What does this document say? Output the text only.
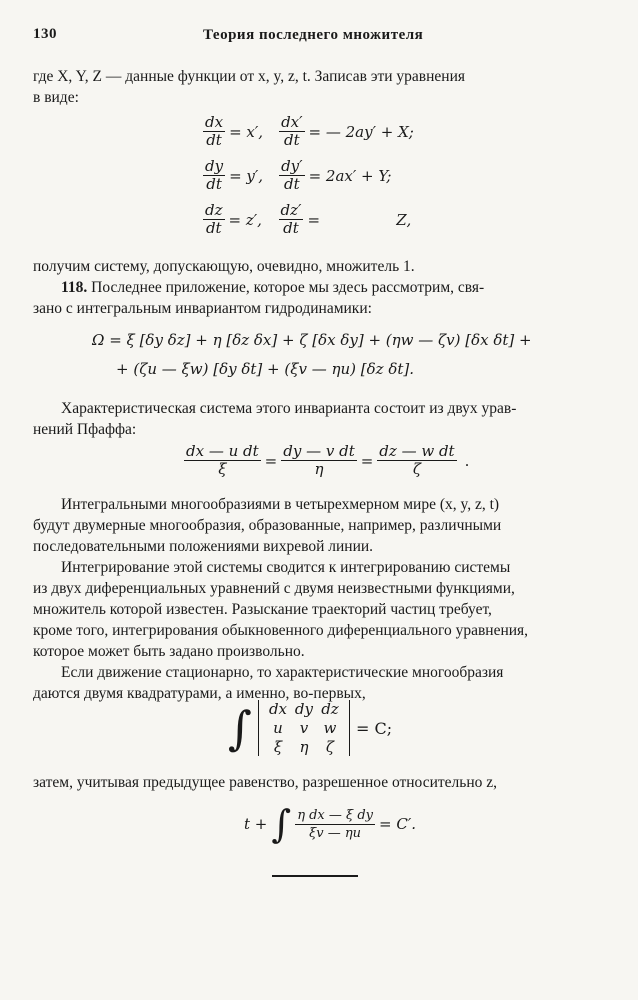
130	Теория последнего множителя
где X, Y, Z — данные функции от x, y, z, t. Записав эти уравнения
в виде:
$\frac{dx}{dt} = x'$,	$\frac{dx'}{dt}$ = — 2ay′ + X;
$\frac{dy}{dt} = y'$,	$\frac{dy'}{dt} = 2ax' + Y$;
$\frac{dz}{dt} = z'$,	$\frac{dz'}{dt}$ =                Z,
получим систему, допускающую, очевидно, множитель 1.
118. Последнее приложение, которое мы здесь рассмотрим, свя-
зано с интегральным инвариантом гидродинамики:
Ω = ξ [δy δz] + η [δz δx] + ζ [δx δy] + (ηw — ζv) [δx δt] +
+ (ζu — ξw) [δy δt] + (ξv — ηu) [δz δt].
Характеристическая система этого инварианта состоит из двух урав-
нений Пфаффа:
$\frac{\text{dx — u dt}}{\xi} = \frac{\text{dy — v dt}}{\eta} = \frac{\text{dz — w dt}}{\zeta}$ .
Интегральными многообразиями в четырехмерном мире (x, y, z, t)
будут двумерные многообразия, образованные, например, различными
последовательными положениями вихревой линии.
Интегрирование этой системы сводится к интегрированию системы
из двух диференциальных уравнений с двумя неизвестными функциями,
множитель которой известен. Разыскание траекторий частиц требует,
кроме того, интегрирования обыкновенного диференциального уравнения,
которое может быть задано произвольно.
Если движение стационарно, то характеристические многообразия
даются двумя квадратурами, а именно, во-первых,
∫ dx dy dz
u	v	w
ξ	η	ζ
= C;
затем, учитывая предыдущее равенство, разрешенное относительно z,
t + ∫ $\frac{\text{η dx — ξ dy}}{\xi v — \eta u} = C'$.
